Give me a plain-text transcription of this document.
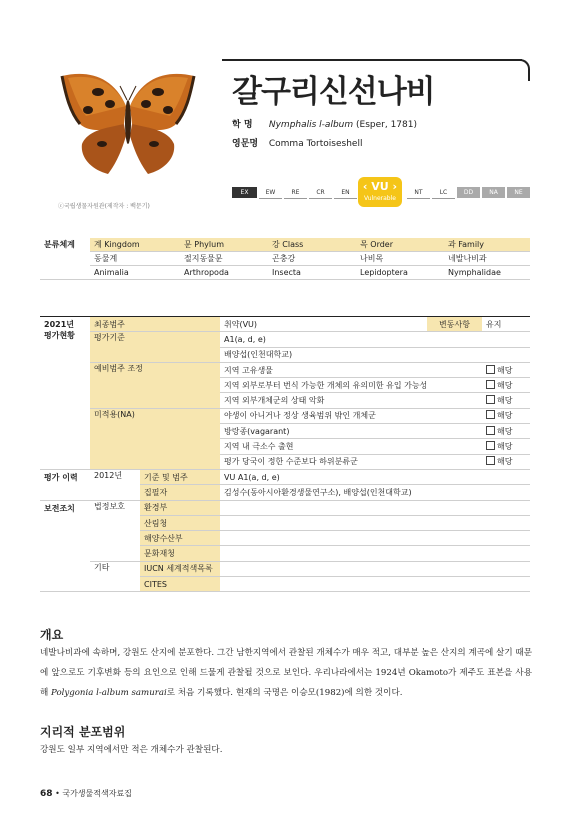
ⓒ국립생물자원관(제작자 : 백문기)
갈구리신선나비
학 명 Nymphalis l-album (Esper, 1781)
영문명 Comma Tortoiseshell
EX	EW	RE	CR	EN	NT	LC	DD	NA	NE
‹ VU ›
Vulnerable
분류체계	계 Kingdom	문 Phylum	강 Class	목 Order	과 Family
	동물계	절지동물문	곤충강	나비목	네발나비과
	Animalia	Arthropoda	Insecta	Lepidoptera	Nymphalidae
2021년
평가현황	최종범주		취약(VU)	변동사항	유지
	평가기준		A1(a, d, e)		
			배양섭(인천대학교)		
	예비범주 조정		지역 고유생물		해당
			지역 외부로부터 번식 가능한 개체의 유의미한 유입 가능성		해당
			지역 외부개체군의 상태 악화		해당
	미적용(NA)		야생이 아니거나 정상 생육범위 밖인 개체군		해당
			방랑종(vagarant)		해당
			지역 내 극소수 출현		해당
			평가 당국이 정한 수준보다 하위분류군		해당
평가 이력	2012년	기준 및 범주	VU A1(a, d, e)		
		집필자	김성수(동아시아환경생물연구소), 배양섭(인천대학교)		
보전조치	법정보호	환경부			
		산림청			
		해양수산부			
		문화재청			
	기타	IUCN 세계적색목록			
		CITES			
개요
네발나비과에 속하며, 강원도 산지에 분포한다. 그간 남한지역에서 관찰된 개체수가 매우 적고, 대부분 높은 산지의 계곡에 살기 때문에 앞으로도 기후변화 등의 요인으로 인해 드물게 관찰될 것으로 보인다. 우리나라에서는 1924년 Okamoto가 제주도 표본을 사용해 Polygonia l-album samurai로 처음 기록했다. 현재의 국명은 이승모(1982)에 의한 것이다.
지리적 분포범위
강원도 일부 지역에서만 적은 개체수가 관찰된다.
68 • 국가생물적색자료집
